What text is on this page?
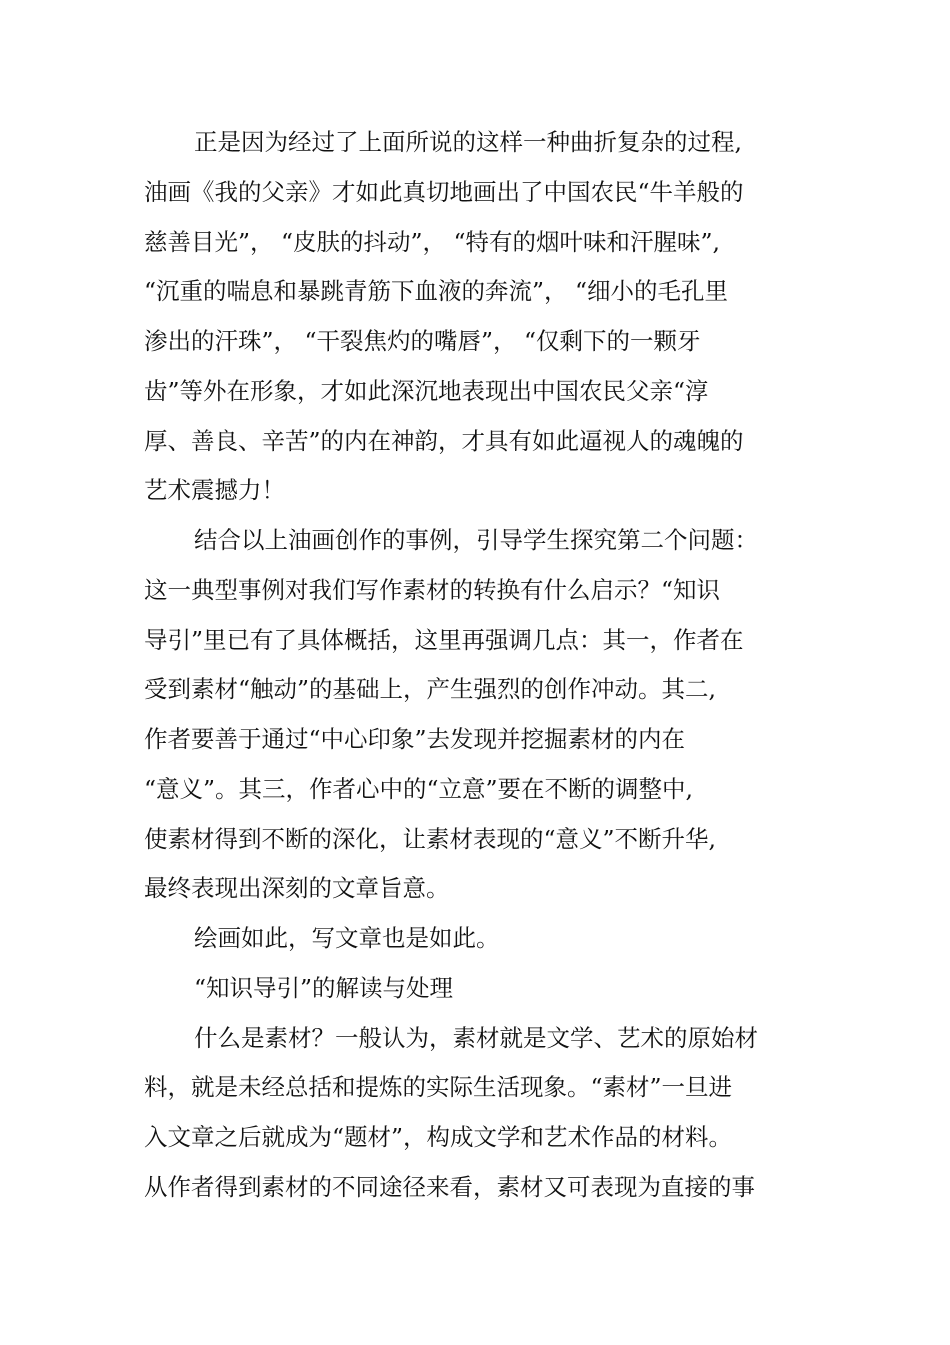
正是因为经过了上面所说的这样一种曲折复杂的过程,

油画《我的父亲》才如此真切地画出了中国农民“牛羊般的

慈善目光”， “皮肤的抖动”， “特有的烟叶味和汗腥味”,

“沉重的喘息和暴跳青筋下血液的奔流”， “细小的毛孔里

渗出的汗珠”， “干裂焦灼的嘴唇”， “仅剩下的一颗牙

齿”等外在形象，才如此深沉地表现出中国农民父亲“淳

厚、善良、辛苦”的内在神韵，才具有如此逼视人的魂魄的

艺术震撼力！

结合以上油画创作的事例，引导学生探究第二个问题：

这一典型事例对我们写作素材的转换有什么启示？“知识

导引”里已有了具体概括，这里再强调几点：其一，作者在

受到素材“触动”的基础上，产生强烈的创作冲动。其二,

作者要善于通过“中心印象”去发现并挖掘素材的内在

“意义”。其三，作者心中的“立意”要在不断的调整中,

使素材得到不断的深化，让素材表现的“意义”不断升华,

最终表现出深刻的文章旨意。

绘画如此，写文章也是如此。

“知识导引”的解读与处理

什么是素材？一般认为，素材就是文学、艺术的原始材

料，就是未经总括和提炼的实际生活现象。“素材”一旦进

入文章之后就成为“题材”，构成文学和艺术作品的材料。

从作者得到素材的不同途径来看，素材又可表现为直接的事
